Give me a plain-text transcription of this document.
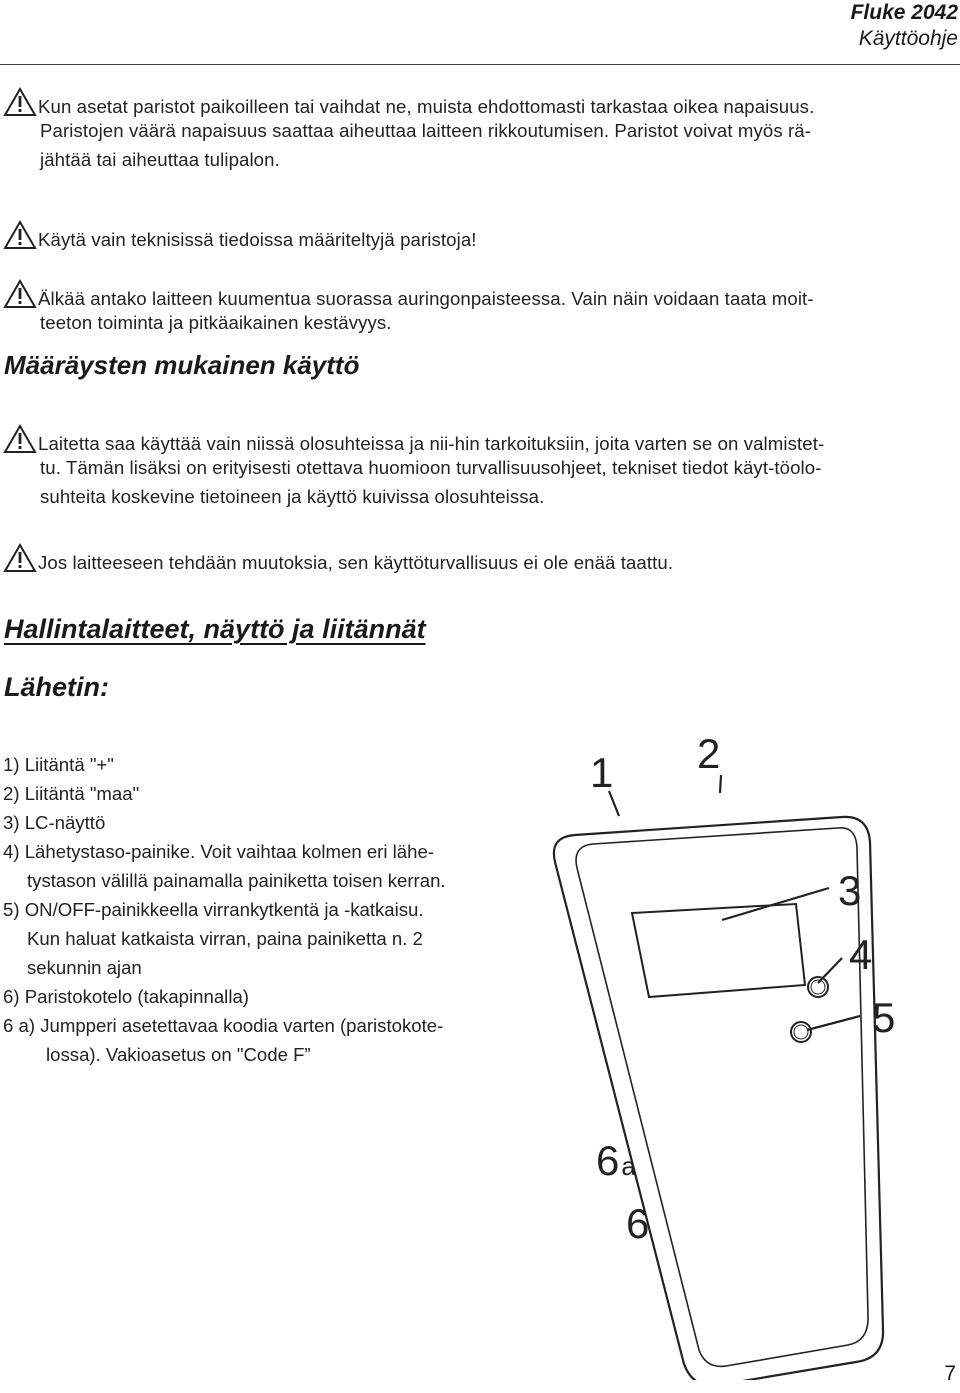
Fluke 2042
Käyttöohje
Kun asetat paristot paikoilleen tai vaihdat ne, muista ehdottomasti tarkastaa oikea napaisuus.
Paristojen väärä napaisuus saattaa aiheuttaa laitteen rikkoutumisen. Paristot voivat myös rä-
jähtää tai aiheuttaa tulipalon.
Käytä vain teknisissä tiedoissa määriteltyjä paristoja!
Älkää antako laitteen kuumentua suorassa auringonpaisteessa. Vain näin voidaan taata moit-
teeton toiminta ja pitkäaikainen kestävyys.
Määräysten mukainen käyttö
Laitetta saa käyttää vain niissä olosuhteissa ja nii-hin tarkoituksiin, joita varten se on valmistet-
tu. Tämän lisäksi on erityisesti otettava huomioon turvallisuusohjeet, tekniset tiedot käyt-töolo-
suhteita koskevine tietoineen ja käyttö kuivissa olosuhteissa.
Jos laitteeseen tehdään muutoksia, sen käyttöturvallisuus ei ole enää taattu.
Hallintalaitteet, näyttö ja liitännät
Lähetin:
1) Liitäntä "+"
2) Liitäntä "maa"
3) LC-näyttö
4) Lähetystaso-painike. Voit vaihtaa kolmen eri lähe-
tystason välillä painamalla painiketta toisen kerran.
5) ON/OFF-painikkeella virrankytkentä ja -katkaisu.
Kun haluat katkaista virran, paina painiketta n. 2
sekunnin ajan
6) Paristokotelo (takapinnalla)
6 a) Jumpperi asetettavaa koodia varten (paristokote-
lossa). Vakioasetus on "Code F”
1 2
3
4
5
6a
6
7
